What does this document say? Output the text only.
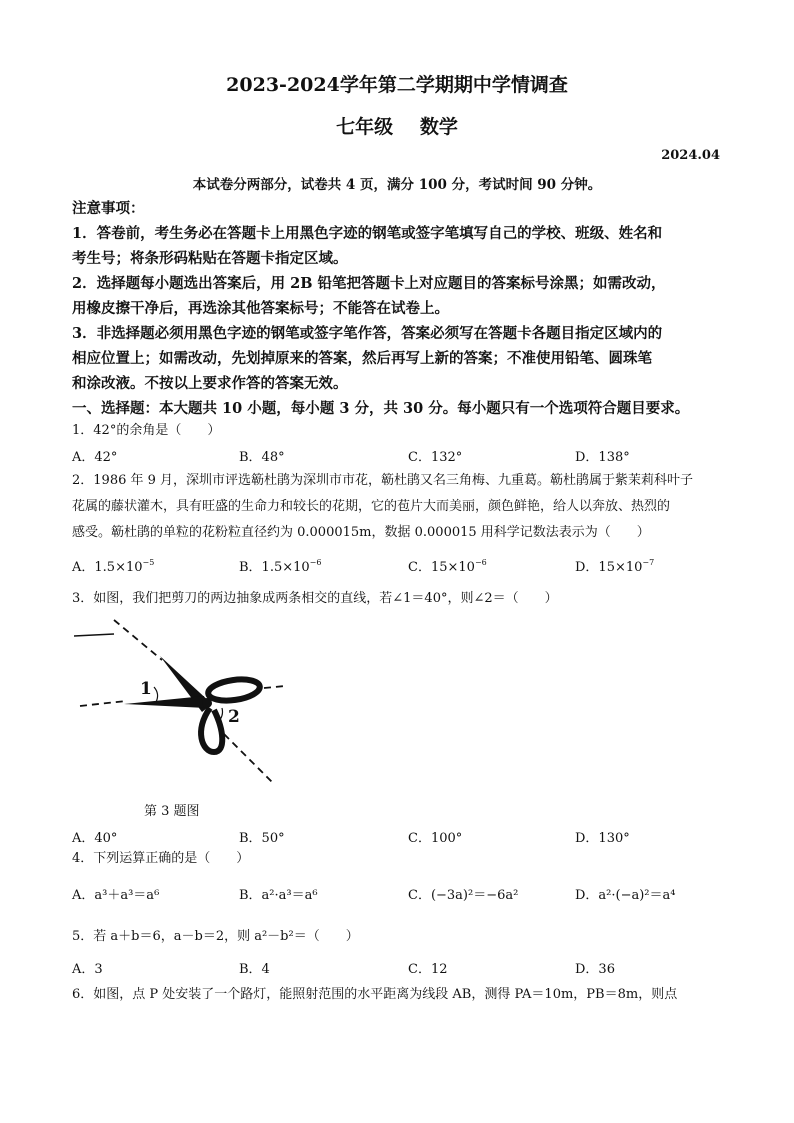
2023-2024学年第二学期期中学情调查
七年级 数学
2024.04
本试卷分两部分，试卷共 4 页，满分 100 分，考试时间 90 分钟。
注意事项：
1．答卷前，考生务必在答题卡上用黑色字迹的钢笔或签字笔填写自己的学校、班级、姓名和
考生号；将条形码粘贴在答题卡指定区域。
2．选择题每小题选出答案后，用 2B 铅笔把答题卡上对应题目的答案标号涂黑；如需改动，
用橡皮擦干净后，再选涂其他答案标号；不能答在试卷上。
3．非选择题必须用黑色字迹的钢笔或签字笔作答，答案必须写在答题卡各题目指定区域内的
相应位置上；如需改动，先划掉原来的答案，然后再写上新的答案；不准使用铅笔、圆珠笔
和涂改液。不按以上要求作答的答案无效。
一、选择题：本大题共 10 小题，每小题 3 分，共 30 分。每小题只有一个选项符合题目要求。
1．42°的余角是（　　）
A．42°	B．48°	C．132°	D．138°
2．1986 年 9 月，深圳市评选簕杜鹃为深圳市市花，簕杜鹃又名三角梅、九重葛。簕杜鹃属于紫茉莉科叶子
花属的藤状灌木，具有旺盛的生命力和较长的花期，它的苞片大而美丽，颜色鲜艳，给人以奔放、热烈的
感受。簕杜鹃的单粒的花粉粒直径约为 0.000015m，数据 0.000015 用科学记数法表示为（　　）
A．$1.5\times 10^{-5}$	B．$1.5\times 10^{-6}$	C．$15\times 10^{-6}$	D．$15\times 10^{-7}$
3．如图，我们把剪刀的两边抽象成两条相交的直线，若∠1＝40°，则∠2＝（　　）
1
2
第 3 题图
A．40°	B．50°	C．100°	D．130°
4．下列运算正确的是（　　）
A．a³＋a³＝a⁶	B．a²·a³＝a⁶	C．(−3a)²＝−6a²	D．a²·(−a)²＝a⁴
5．若 a＋b＝6，a－b＝2，则 a²－b²＝（　　）
A．3	B．4	C．12	D．36
6．如图，点 P 处安装了一个路灯，能照射范围的水平距离为线段 AB，测得 PA＝10m，PB＝8m，则点
